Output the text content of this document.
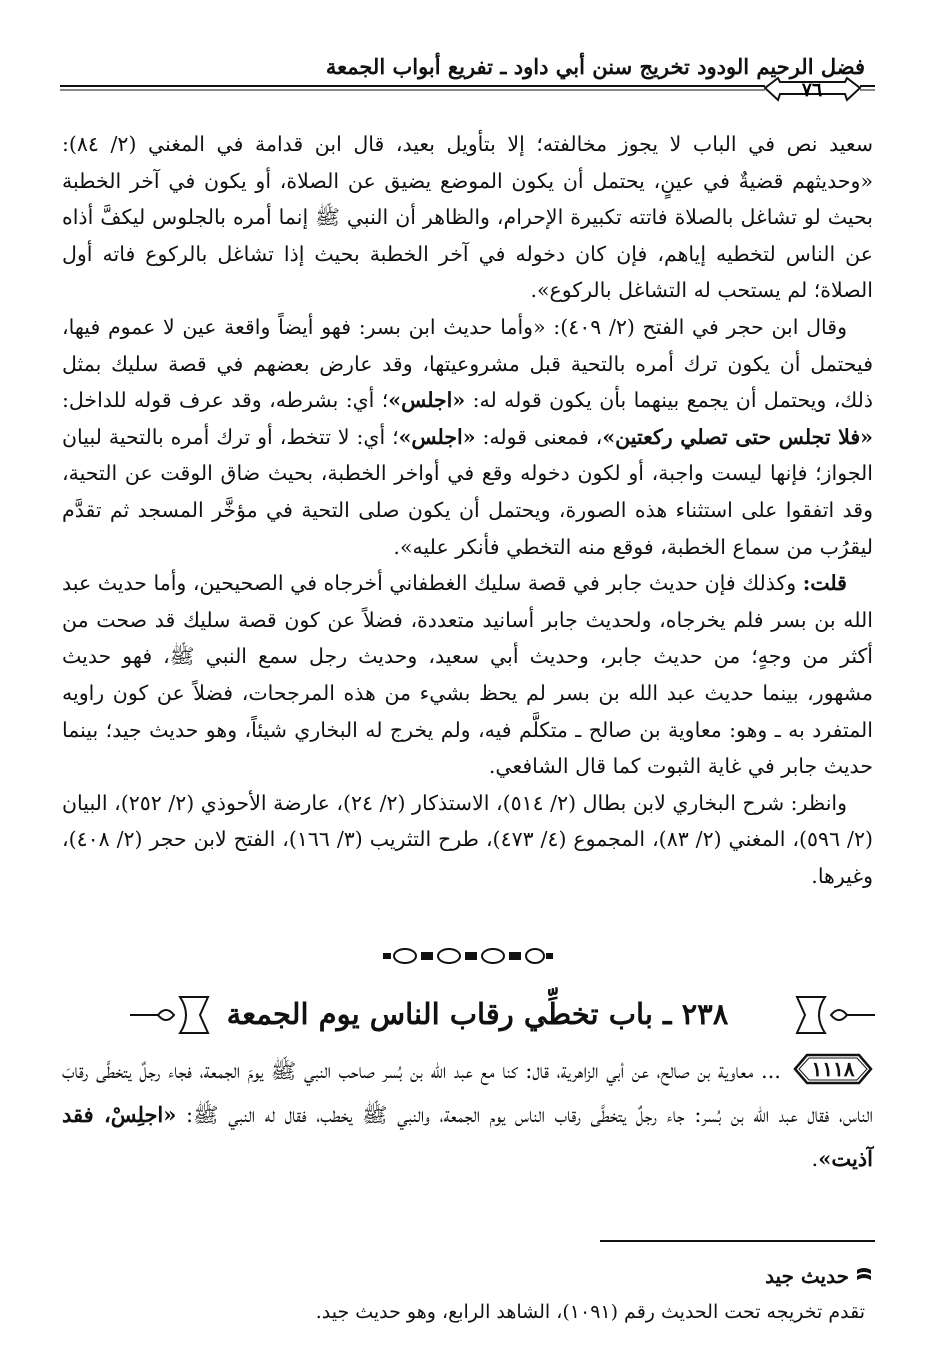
فضل الرحيم الودود تخريج سنن أبي داود ـ تفريع أبواب الجمعة
٧٦

سعيد نص في الباب لا يجوز مخالفته؛ إلا بتأويل بعيد، قال ابن قدامة في المغني (٢/ ٨٤): «وحديثهم قضيةٌ في عينٍ، يحتمل أن يكون الموضع يضيق عن الصلاة، أو يكون في آخر الخطبة بحيث لو تشاغل بالصلاة فاتته تكبيرة الإحرام، والظاهر أن النبي ﷺ إنما أمره بالجلوس ليكفَّ أذاه عن الناس لتخطيه إياهم، فإن كان دخوله في آخر الخطبة بحيث إذا تشاغل بالركوع فاته أول الصلاة؛ لم يستحب له التشاغل بالركوع».

وقال ابن حجر في الفتح (٢/ ٤٠٩): «وأما حديث ابن بسر: فهو أيضاً واقعة عين لا عموم فيها، فيحتمل أن يكون ترك أمره بالتحية قبل مشروعيتها، وقد عارض بعضهم في قصة سليك بمثل ذلك، ويحتمل أن يجمع بينهما بأن يكون قوله له: «اجلس»؛ أي: بشرطه، وقد عرف قوله للداخل: «فلا تجلس حتى تصلي ركعتين»، فمعنى قوله: «اجلس»؛ أي: لا تتخط، أو ترك أمره بالتحية لبيان الجواز؛ فإنها ليست واجبة، أو لكون دخوله وقع في أواخر الخطبة، بحيث ضاق الوقت عن التحية، وقد اتفقوا على استثناء هذه الصورة، ويحتمل أن يكون صلى التحية في مؤخَّر المسجد ثم تقدَّم ليقرُب من سماع الخطبة، فوقع منه التخطي فأنكر عليه».

قلت: وكذلك فإن حديث جابر في قصة سليك الغطفاني أخرجاه في الصحيحين، وأما حديث عبد الله بن بسر فلم يخرجاه، ولحديث جابر أسانيد متعددة، فضلاً عن كون قصة سليك قد صحت من أكثر من وجهٍ؛ من حديث جابر، وحديث أبي سعيد، وحديث رجل سمع النبي ﷺ، فهو حديث مشهور، بينما حديث عبد الله بن بسر لم يحظ بشيء من هذه المرجحات، فضلاً عن كون راويه المتفرد به ـ وهو: معاوية بن صالح ـ متكلَّم فيه، ولم يخرج له البخاري شيئاً، وهو حديث جيد؛ بينما حديث جابر في غاية الثبوت كما قال الشافعي.

وانظر: شرح البخاري لابن بطال (٢/ ٥١٤)، الاستذكار (٢/ ٢٤)، عارضة الأحوذي (٢/ ٢٥٢)، البيان (٢/ ٥٩٦)، المغني (٢/ ٨٣)، المجموع (٤/ ٤٧٣)، طرح التثريب (٣/ ١٦٦)، الفتح لابن حجر (٢/ ٤٠٨)، وغيرها.

٢٣٨ ـ باب تخطِّي رقاب الناس يوم الجمعة
١١١٨

... معاوية بن صالح، عن أبي الزاهرية، قال: كنا مع عبد الله بن بُسر صاحب النبي ﷺ يومَ الجمعة، فجاء رجلٌ يتخطَّى رقابَ الناس، فقال عبد الله بن بُسر: جاء رجلٌ يتخطَّى رقاب الناس يوم الجمعة، والنبي ﷺ يخطب، فقال له النبي ﷺ: «اجلِسْ، فقد آذيت».

حديث جيد
تقدم تخريجه تحت الحديث رقم (١٠٩١)، الشاهد الرابع، وهو حديث جيد.
